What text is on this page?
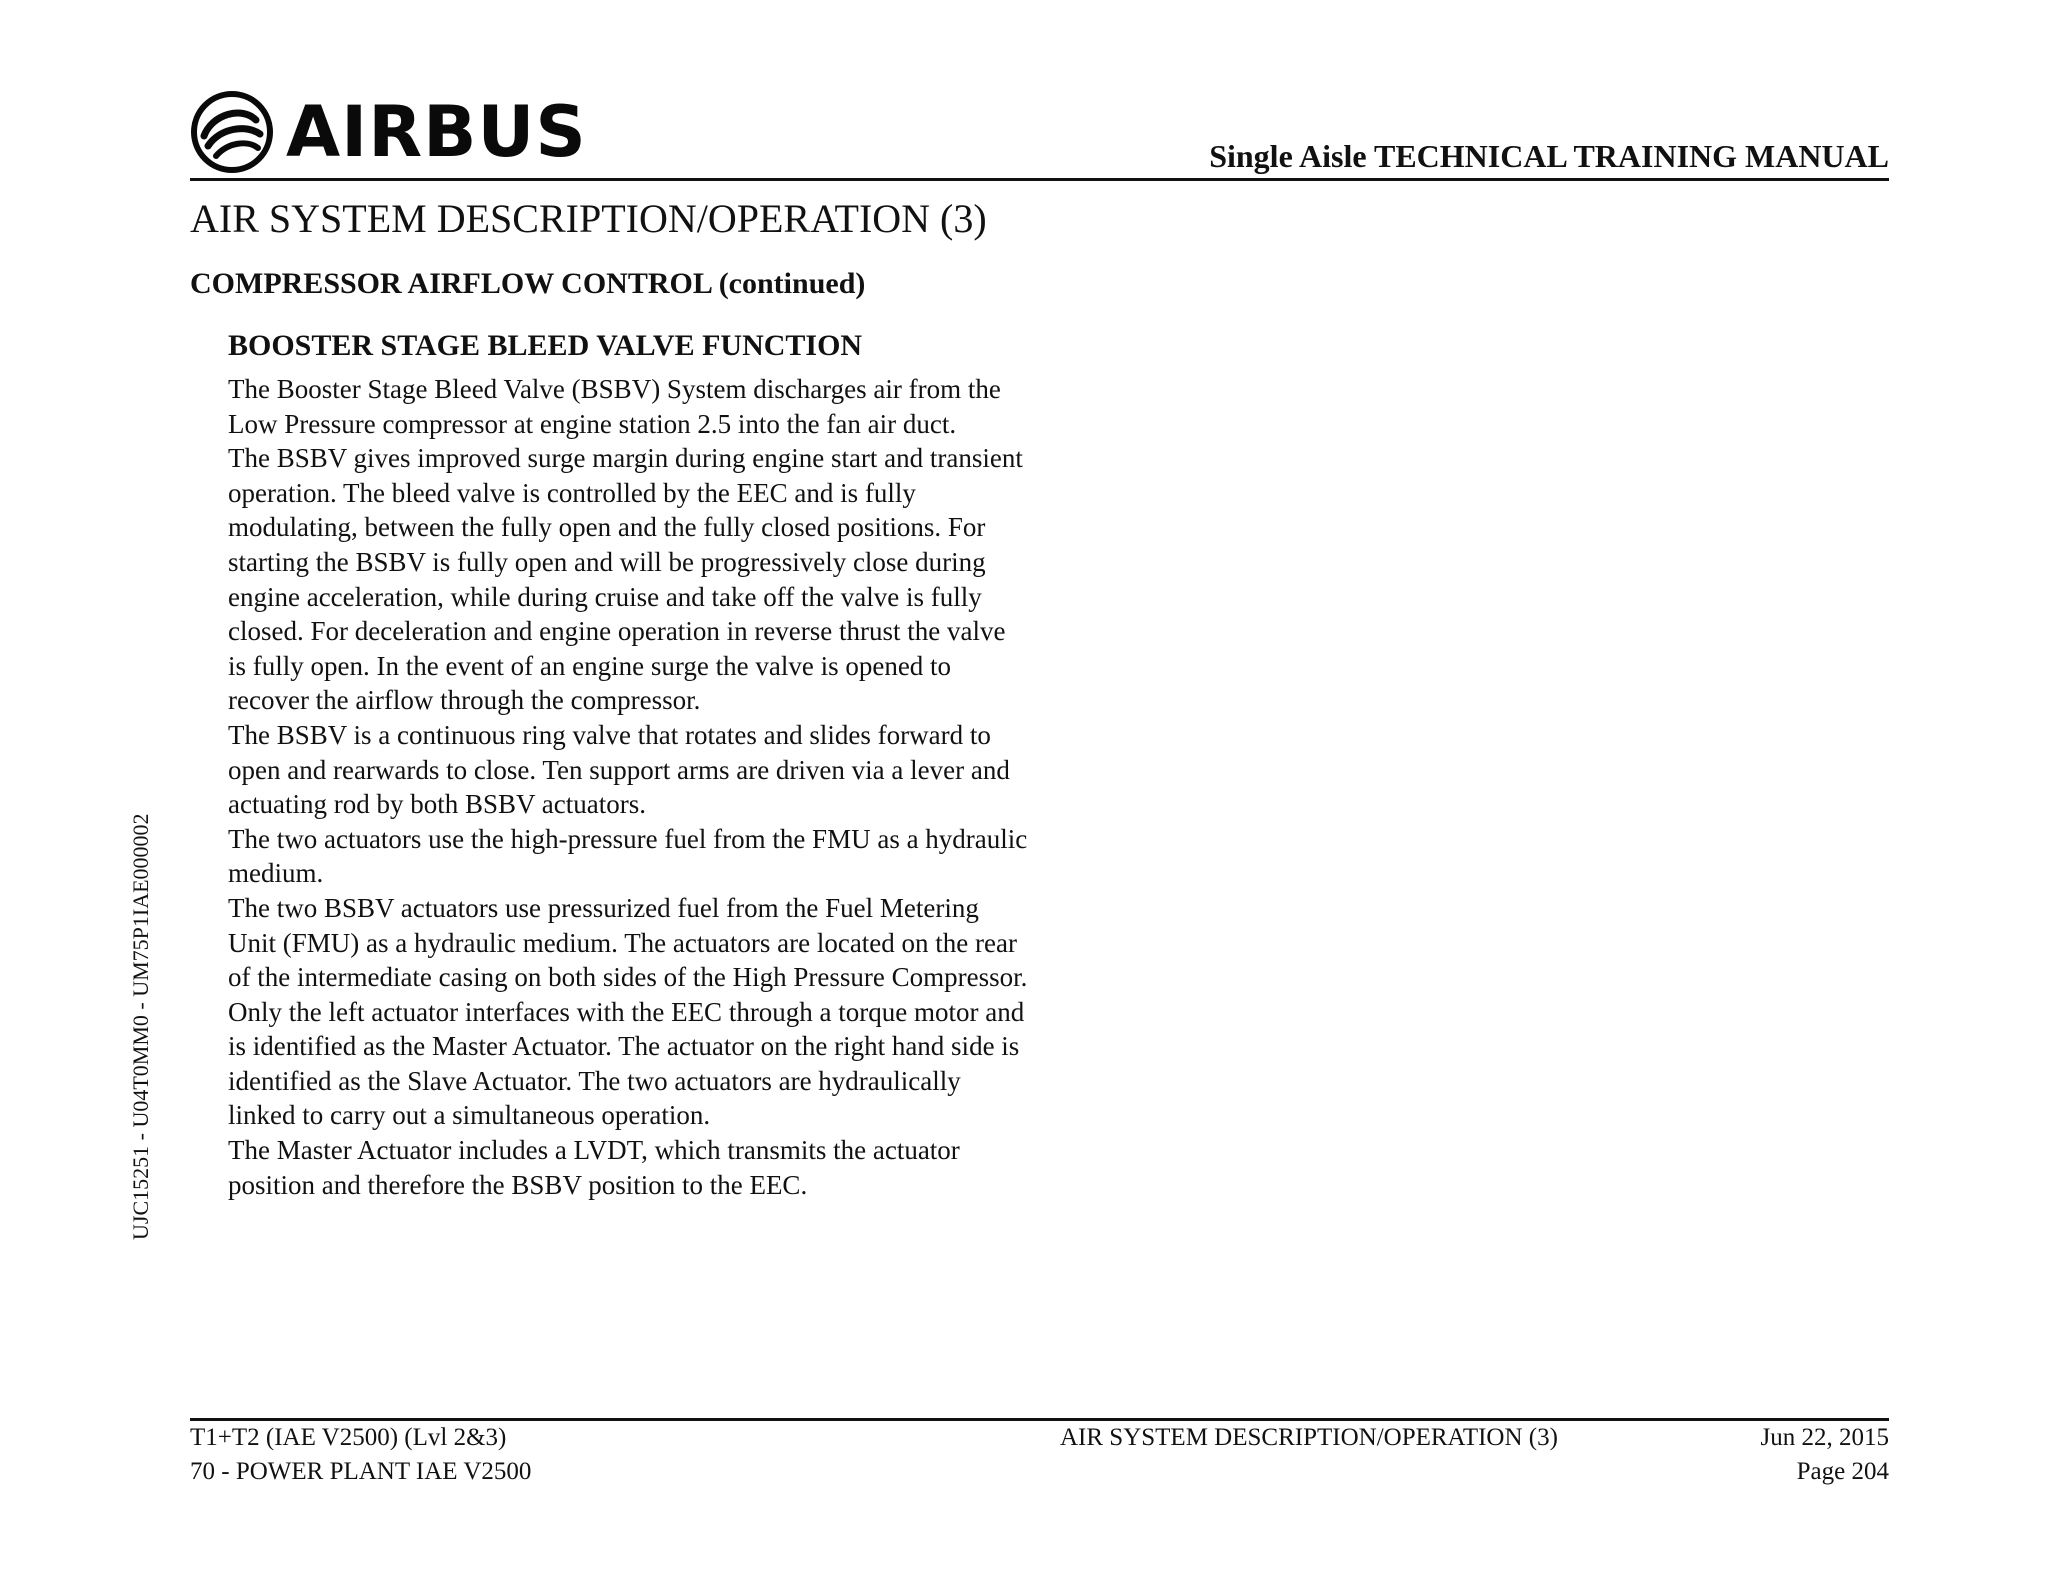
AIRBUS	Single Aisle TECHNICAL TRAINING MANUAL
AIR SYSTEM DESCRIPTION/OPERATION (3)
COMPRESSOR AIRFLOW CONTROL (continued)
BOOSTER STAGE BLEED VALVE FUNCTION

The Booster Stage Bleed Valve (BSBV) System discharges air from the Low Pressure compressor at engine station 2.5 into the fan air duct.

The BSBV gives improved surge margin during engine start and transient operation. The bleed valve is controlled by the EEC and is fully modulating, between the fully open and the fully closed positions. For starting the BSBV is fully open and will be progressively close during engine acceleration, while during cruise and take off the valve is fully closed. For deceleration and engine operation in reverse thrust the valve is fully open. In the event of an engine surge the valve is opened to recover the airflow through the compressor.

The BSBV is a continuous ring valve that rotates and slides forward to open and rearwards to close. Ten support arms are driven via a lever and actuating rod by both BSBV actuators.

The two actuators use the high-pressure fuel from the FMU as a hydraulic medium.

The two BSBV actuators use pressurized fuel from the Fuel Metering Unit (FMU) as a hydraulic medium. The actuators are located on the rear of the intermediate casing on both sides of the High Pressure Compressor.

Only the left actuator interfaces with the EEC through a torque motor and is identified as the Master Actuator. The actuator on the right hand side is identified as the Slave Actuator. The two actuators are hydraulically linked to carry out a simultaneous operation.

The Master Actuator includes a LVDT, which transmits the actuator position and therefore the BSBV position to the EEC.

UJC15251 - U04T0MM0 - UM75P1IAE000002
T1+T2 (IAE V2500) (Lvl 2&3)
70 - POWER PLANT IAE V2500
AIR SYSTEM DESCRIPTION/OPERATION (3)	Jun 22, 2015
Page 204
